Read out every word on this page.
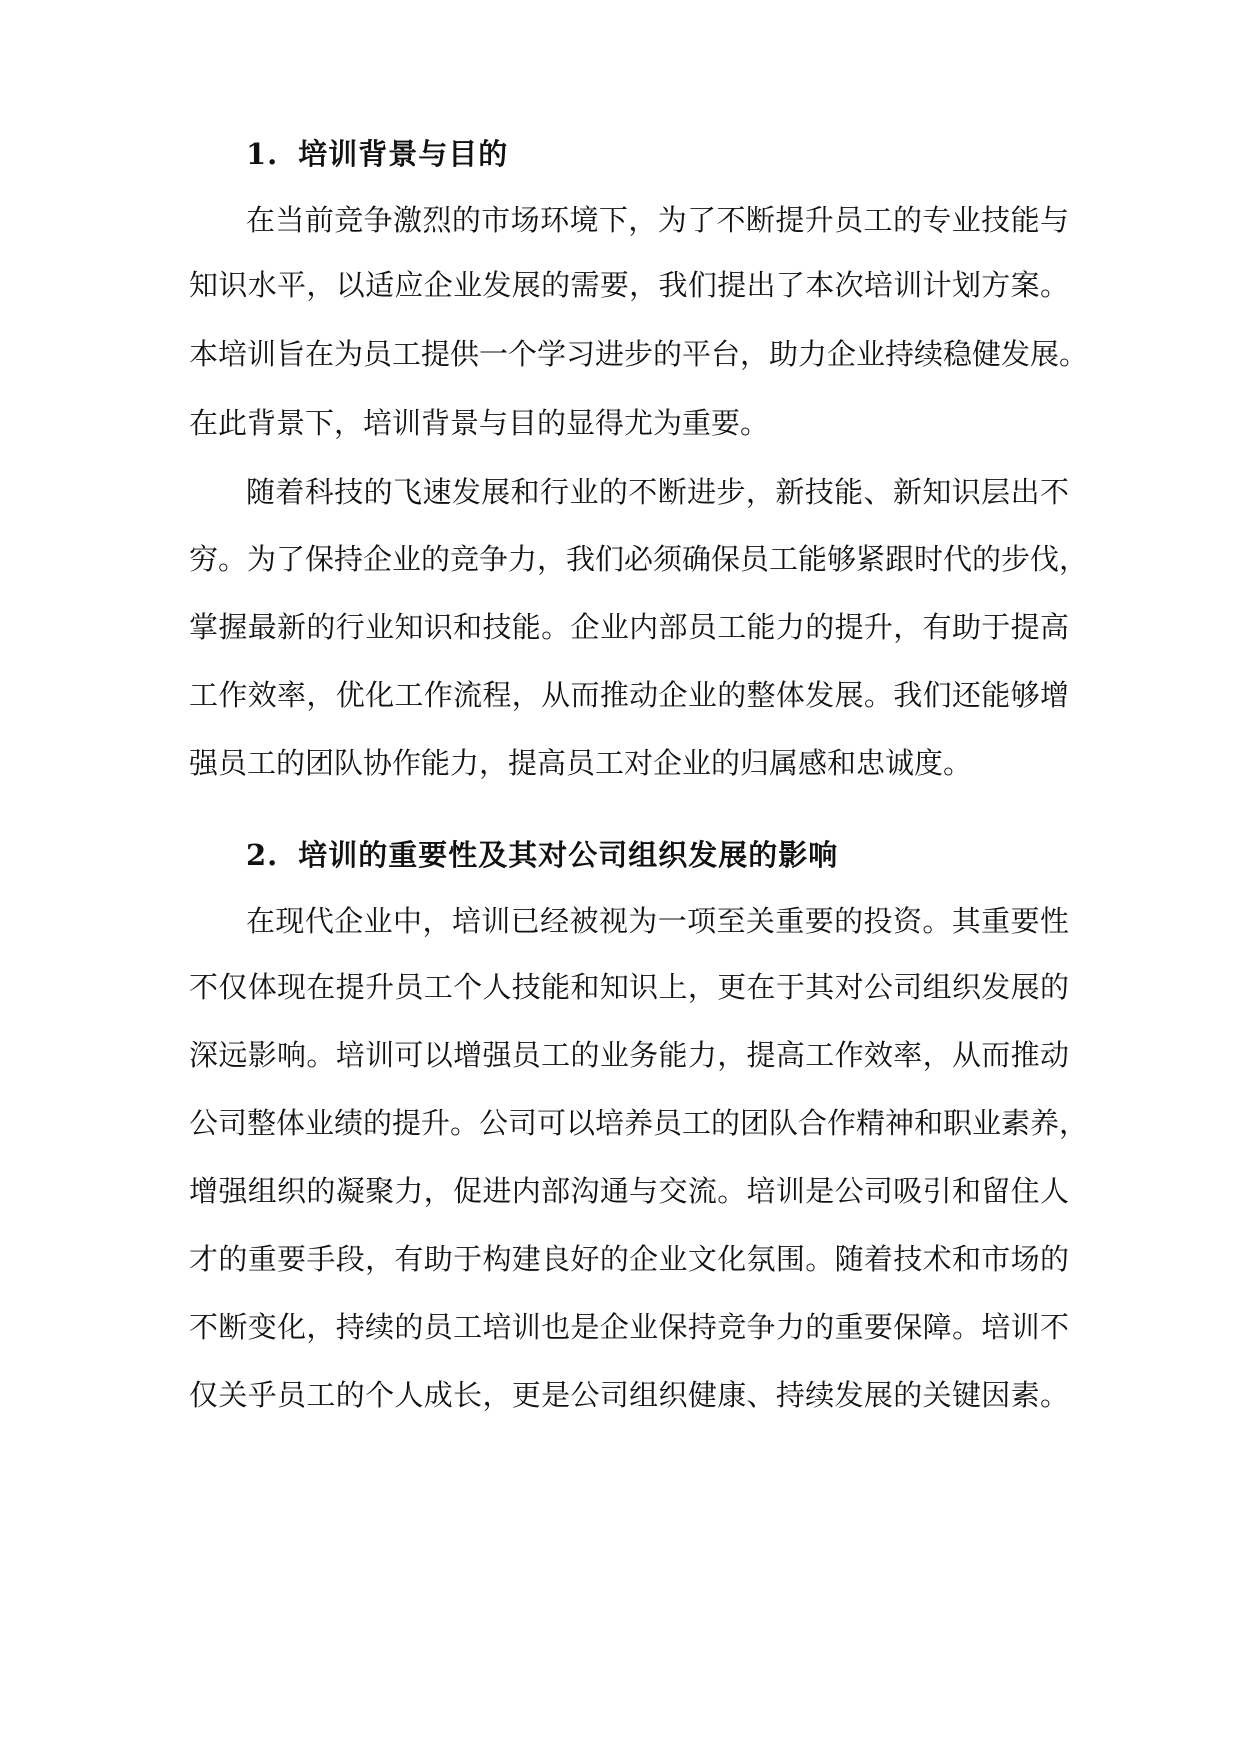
1. 培训背景与目的
在当前竞争激烈的市场环境下，为了不断提升员工的专业技能与
知识水平，以适应企业发展的需要，我们提出了本次培训计划方案。
本培训旨在为员工提供一个学习进步的平台，助力企业持续稳健发展。
在此背景下，培训背景与目的显得尤为重要。
随着科技的飞速发展和行业的不断进步，新技能、新知识层出不
穷。为了保持企业的竞争力，我们必须确保员工能够紧跟时代的步伐，
掌握最新的行业知识和技能。企业内部员工能力的提升，有助于提高
工作效率，优化工作流程，从而推动企业的整体发展。我们还能够增
强员工的团队协作能力，提高员工对企业的归属感和忠诚度。
2. 培训的重要性及其对公司组织发展的影响
在现代企业中，培训已经被视为一项至关重要的投资。其重要性
不仅体现在提升员工个人技能和知识上，更在于其对公司组织发展的
深远影响。培训可以增强员工的业务能力，提高工作效率，从而推动
公司整体业绩的提升。公司可以培养员工的团队合作精神和职业素养，
增强组织的凝聚力，促进内部沟通与交流。培训是公司吸引和留住人
才的重要手段，有助于构建良好的企业文化氛围。随着技术和市场的
不断变化，持续的员工培训也是企业保持竞争力的重要保障。培训不
仅关乎员工的个人成长，更是公司组织健康、持续发展的关键因素。
